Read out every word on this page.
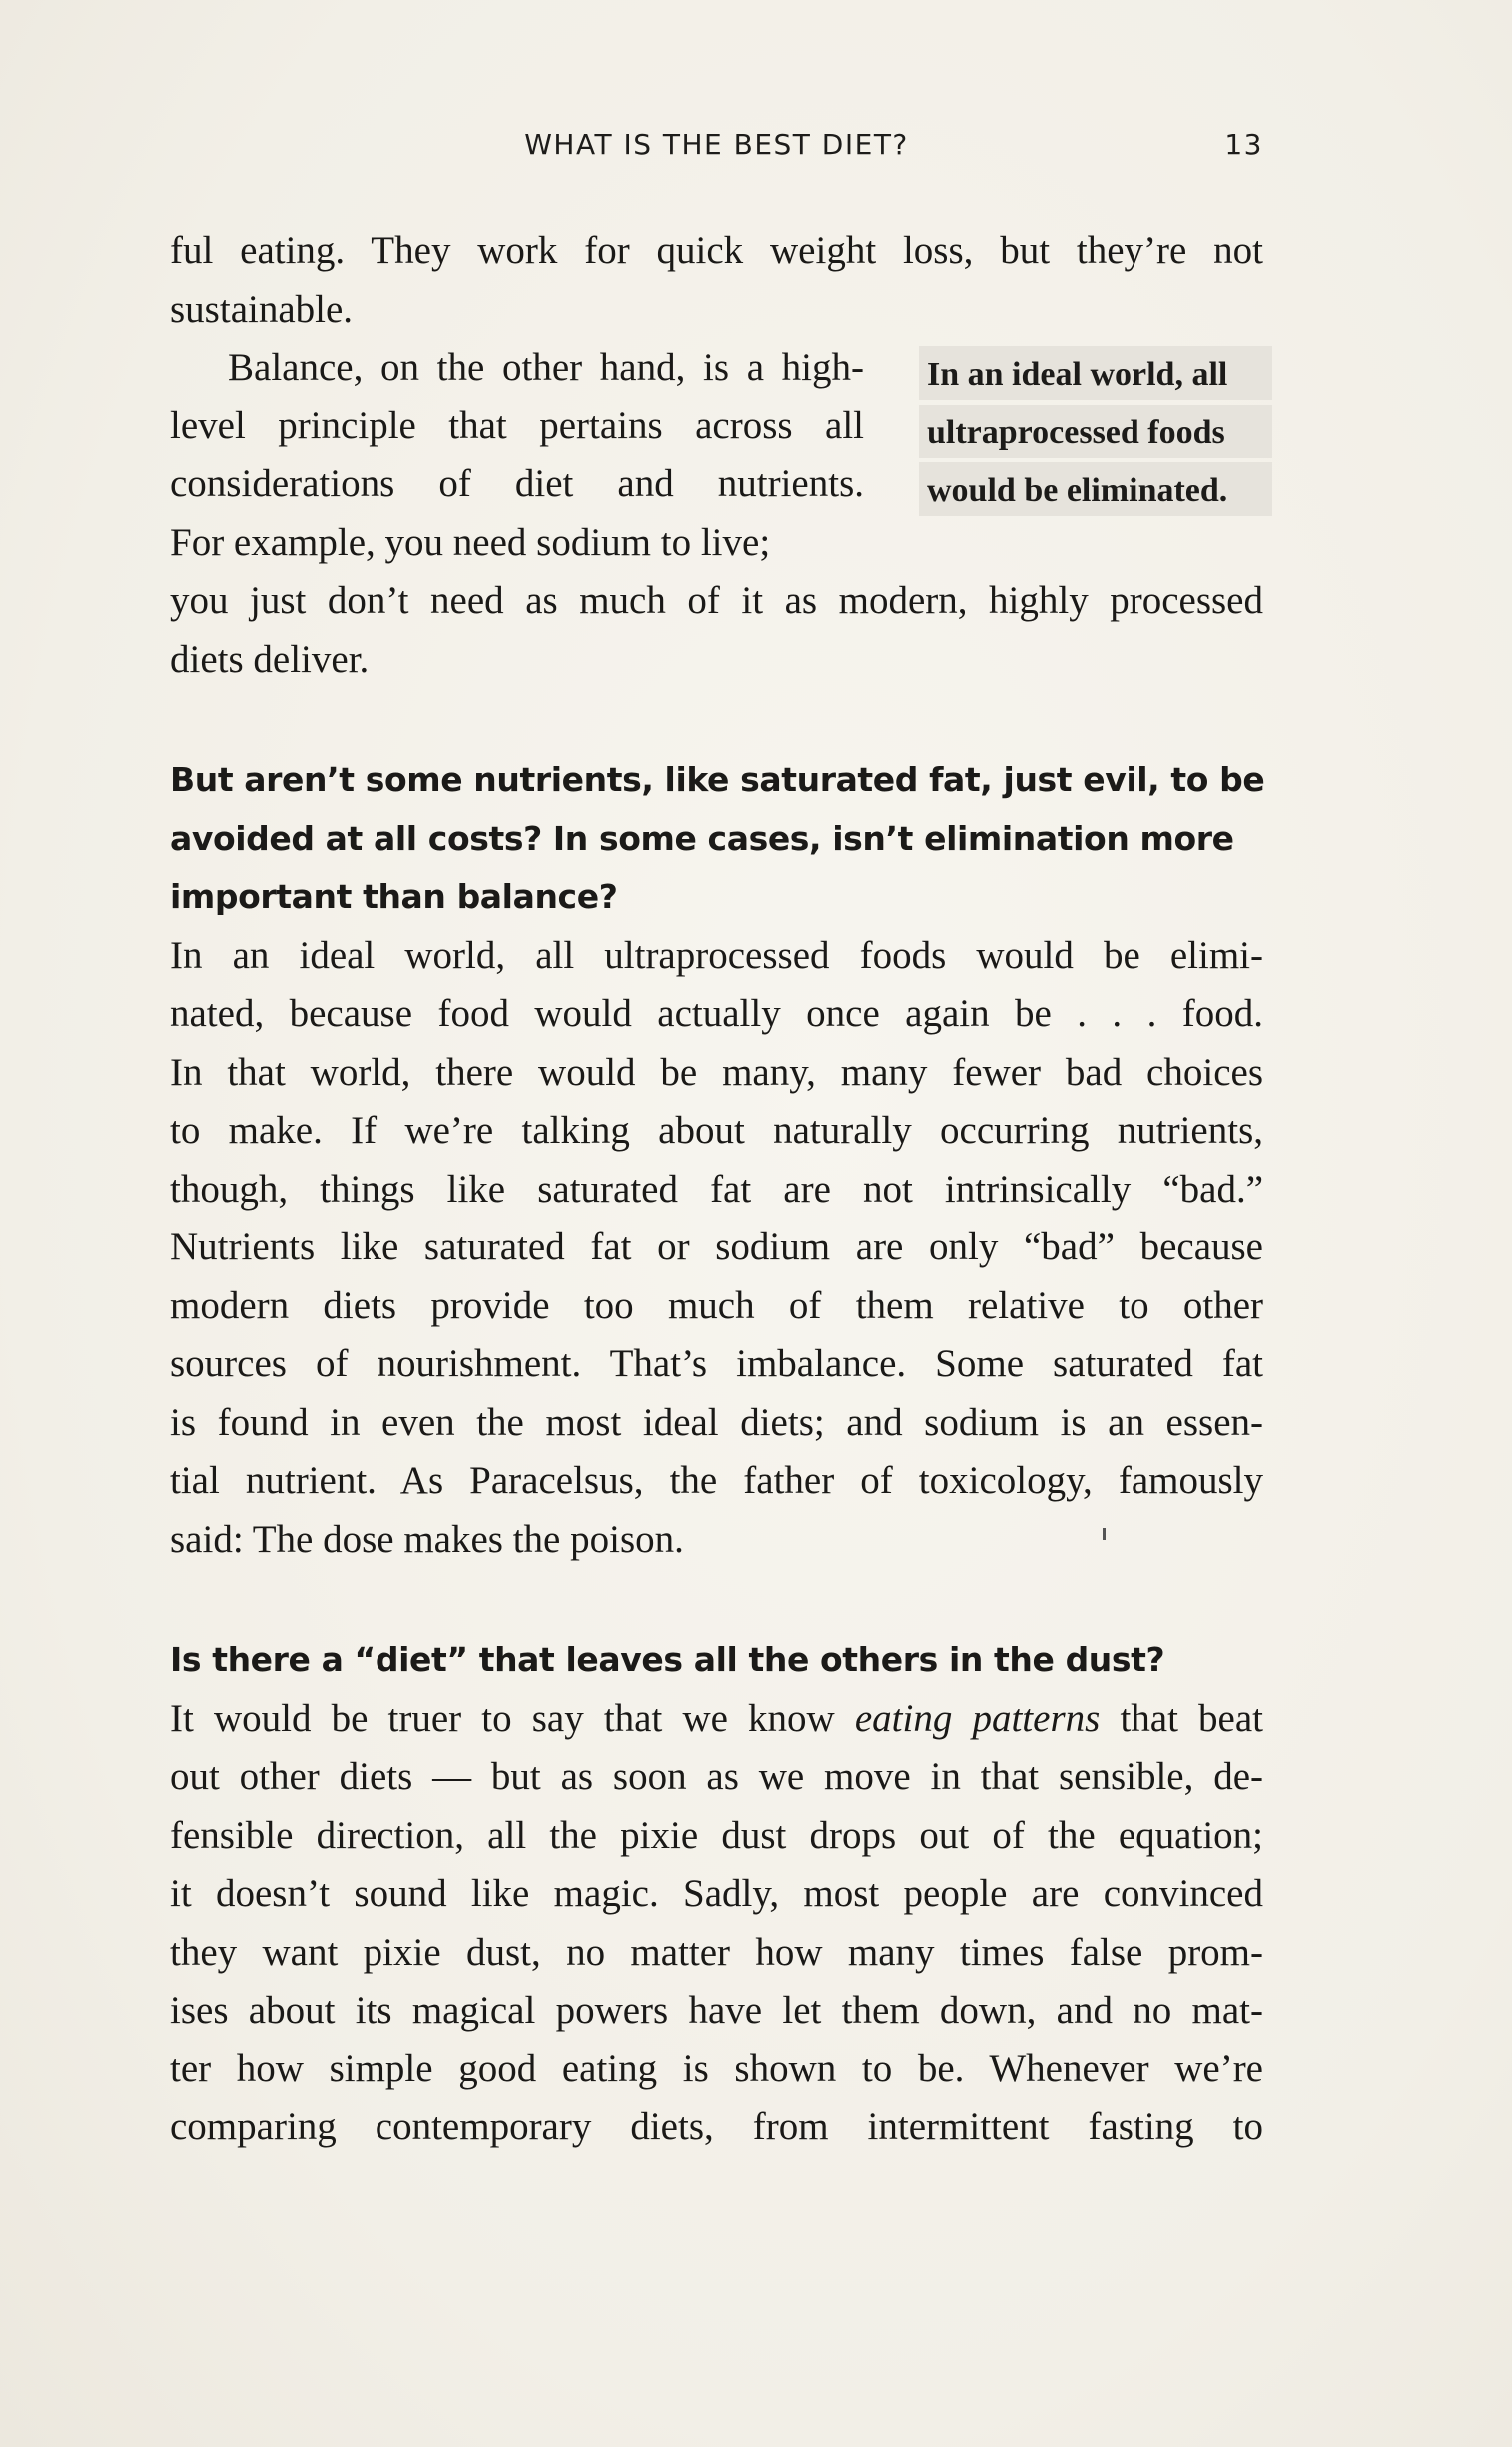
WHAT IS THE BEST DIET?	13
ful eating. They work for quick weight loss, but they’re not
sustainable.
Balance, on the other hand, is a high-
level principle that pertains across all
considerations of diet and nutrients.
For example, you need sodium to live;
you just don’t need as much of it as modern, highly processed
diets deliver.
In an ideal world, all
ultraprocessed foods
would be eliminated.
But aren’t some nutrients, like saturated fat, just evil, to be
avoided at all costs? In some cases, isn’t elimination more
important than balance?
In an ideal world, all ultraprocessed foods would be elimi-
nated, because food would actually once again be . . . food.
In that world, there would be many, many fewer bad choices
to make. If we’re talking about naturally occurring nutrients,
though, things like saturated fat are not intrinsically “bad.”
Nutrients like saturated fat or sodium are only “bad” because
modern diets provide too much of them relative to other
sources of nourishment. That’s imbalance. Some saturated fat
is found in even the most ideal diets; and sodium is an essen-
tial nutrient. As Paracelsus, the father of toxicology, famously
said: The dose makes the poison.
Is there a “diet” that leaves all the others in the dust?
It would be truer to say that we know eating patterns that beat
out other diets — but as soon as we move in that sensible, de-
fensible direction, all the pixie dust drops out of the equation;
it doesn’t sound like magic. Sadly, most people are convinced
they want pixie dust, no matter how many times false prom-
ises about its magical powers have let them down, and no mat-
ter how simple good eating is shown to be. Whenever we’re
comparing contemporary diets, from intermittent fasting to
